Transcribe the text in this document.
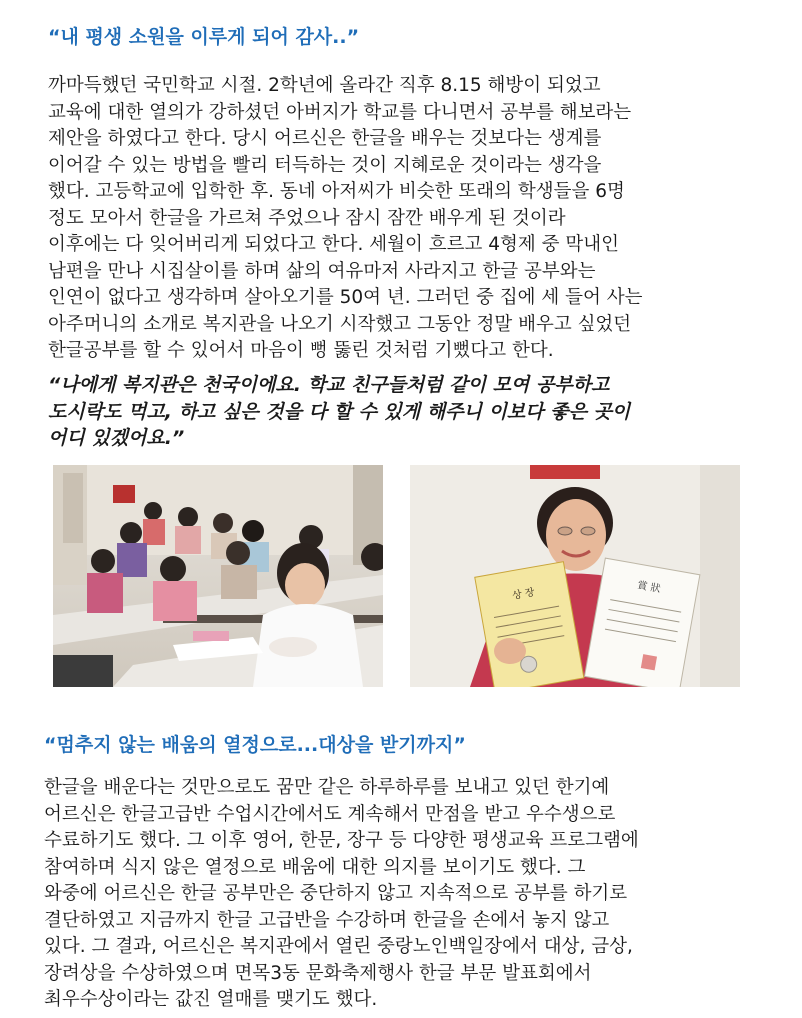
“내 평생 소원을 이루게 되어 감사..”

까마득했던 국민학교 시절. 2학년에 올라간 직후 8.15 해방이 되었고
교육에 대한 열의가 강하셨던 아버지가 학교를 다니면서 공부를 해보라는
제안을 하였다고 한다. 당시 어르신은 한글을 배우는 것보다는 생계를
이어갈 수 있는 방법을 빨리 터득하는 것이 지혜로운 것이라는 생각을
했다. 고등학교에 입학한 후. 동네 아저씨가 비슷한 또래의 학생들을 6명
정도 모아서 한글을 가르쳐 주었으나 잠시 잠깐 배우게 된 것이라
이후에는 다 잊어버리게 되었다고 한다. 세월이 흐르고 4형제 중 막내인
남편을 만나 시집살이를 하며 삶의 여유마저 사라지고 한글 공부와는
인연이 없다고 생각하며 살아오기를 50여 년. 그러던 중 집에 세 들어 사는
아주머니의 소개로 복지관을 나오기 시작했고 그동안 정말 배우고 싶었던
한글공부를 할 수 있어서 마음이 뻥 뚫린 것처럼 기뻤다고 한다.

“나에게 복지관은 천국이에요. 학교 친구들처럼 같이 모여 공부하고
도시락도 먹고, 하고 싶은 것을 다 할 수 있게 해주니 이보다 좋은 곳이
어디 있겠어요.”

상 장	賞 狀
“멈추지 않는 배움의 열정으로...대상을 받기까지”

한글을 배운다는 것만으로도 꿈만 같은 하루하루를 보내고 있던 한기예
어르신은 한글고급반 수업시간에서도 계속해서 만점을 받고 우수생으로
수료하기도 했다. 그 이후 영어, 한문, 장구 등 다양한 평생교육 프로그램에
참여하며 식지 않은 열정으로 배움에 대한 의지를 보이기도 했다. 그
와중에 어르신은 한글 공부만은 중단하지 않고 지속적으로 공부를 하기로
결단하였고 지금까지 한글 고급반을 수강하며 한글을 손에서 놓지 않고
있다. 그 결과, 어르신은 복지관에서 열린 중랑노인백일장에서 대상, 금상,
장려상을 수상하였으며 면목3동 문화축제행사 한글 부문 발표회에서
최우수상이라는 값진 열매를 맺기도 했다.
